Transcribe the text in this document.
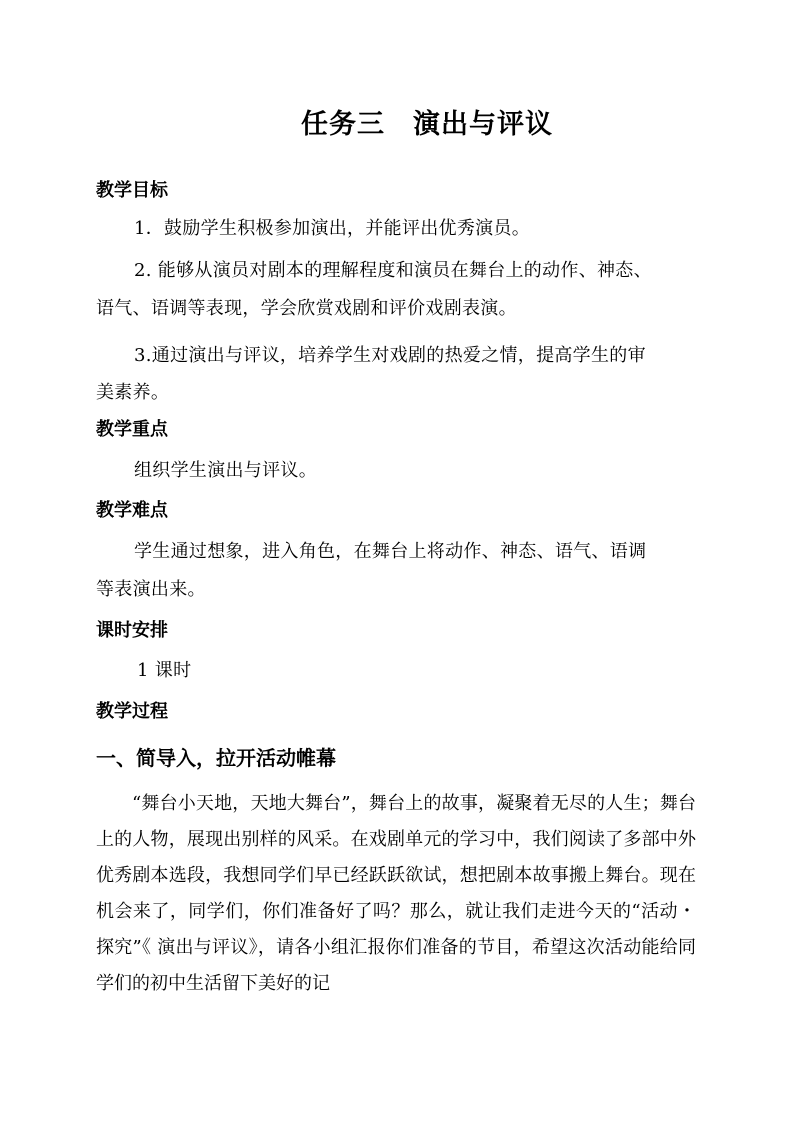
任务三　演出与评议
教学目标
1．鼓励学生积极参加演出，并能评出优秀演员。
2. 能够从演员对剧本的理解程度和演员在舞台上的动作、神态、
语气、语调等表现，学会欣赏戏剧和评价戏剧表演。
3.通过演出与评议，培养学生对戏剧的热爱之情，提高学生的审
美素养。
教学重点
组织学生演出与评议。
教学难点
学生通过想象，进入角色，在舞台上将动作、神态、语气、语调
等表演出来。
课时安排
1 课时
教学过程
一、简导入，拉开活动帷幕
“舞台小天地，天地大舞台”，舞台上的故事，凝聚着无尽的人生；舞台上的人物，展现出别样的风采。在戏剧单元的学习中，我们阅读了多部中外优秀剧本选段，我想同学们早已经跃跃欲试，想把剧本故事搬上舞台。现在机会来了，同学们，你们准备好了吗？那么，就让我们走进今天的“活动・探究”《 演出与评议》，请各小组汇报你们准备的节目，希望这次活动能给同学们的初中生活留下美好的记
